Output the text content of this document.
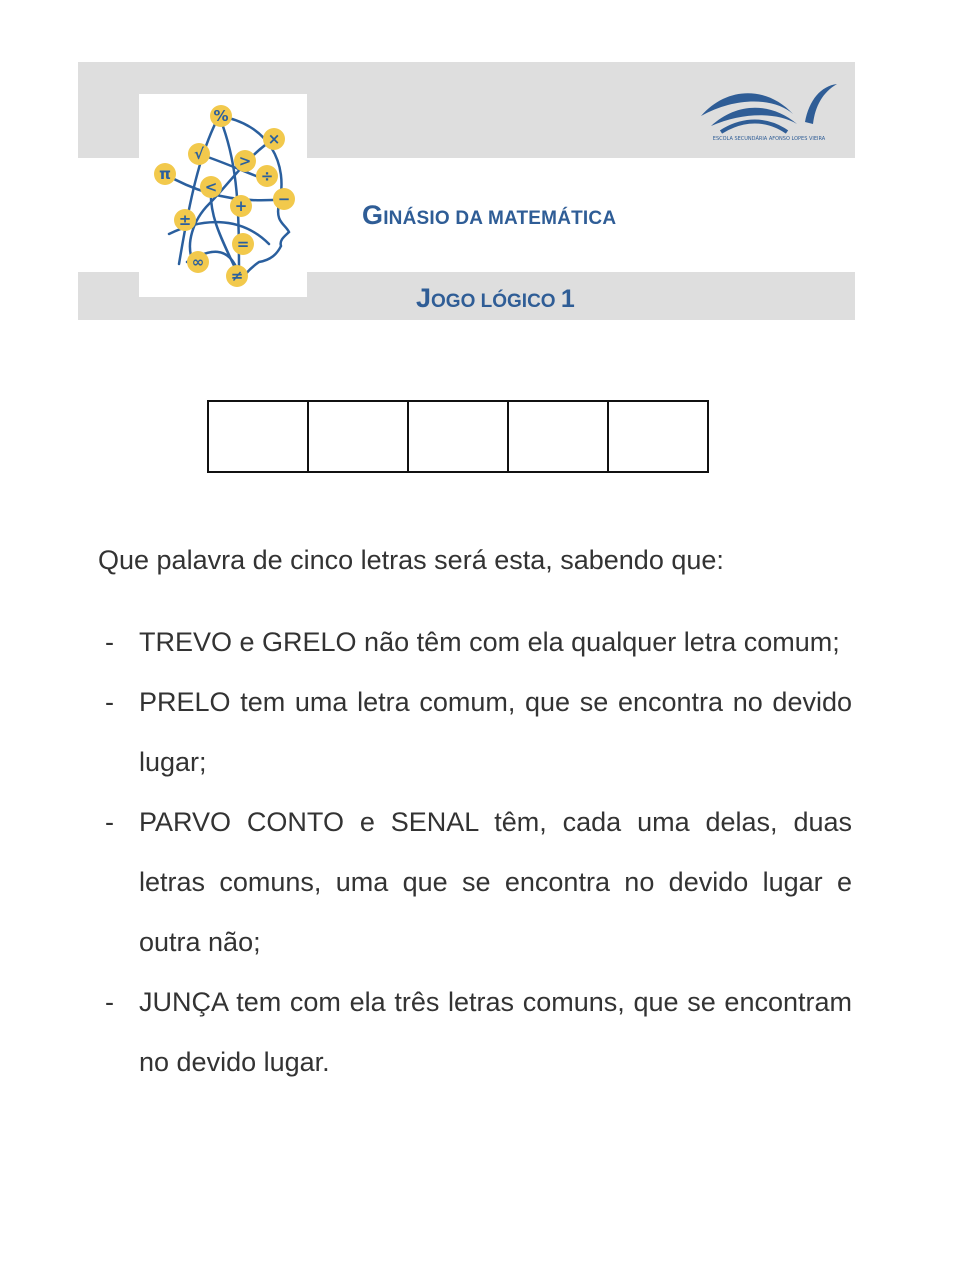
%
×
√ >
π	÷
<
−
+
±
=
∞
≠
ESCOLA SECUNDÁRIA AFONSO LOPES VIEIRA
GINÁSIO DA MATEMÁTICA
JOGO LÓGICO 1
Que palavra de cinco letras será esta, sabendo que:
- TREVO e GRELO não têm com ela qualquer letra comum;
- PRELO tem uma letra comum, que se encontra no devido lugar;
- PARVO CONTO e SENAL têm, cada uma delas, duas letras comuns, uma que se encontra no devido lugar e outra não;
- JUNÇA tem com ela três letras comuns, que se encontram no devido lugar.
